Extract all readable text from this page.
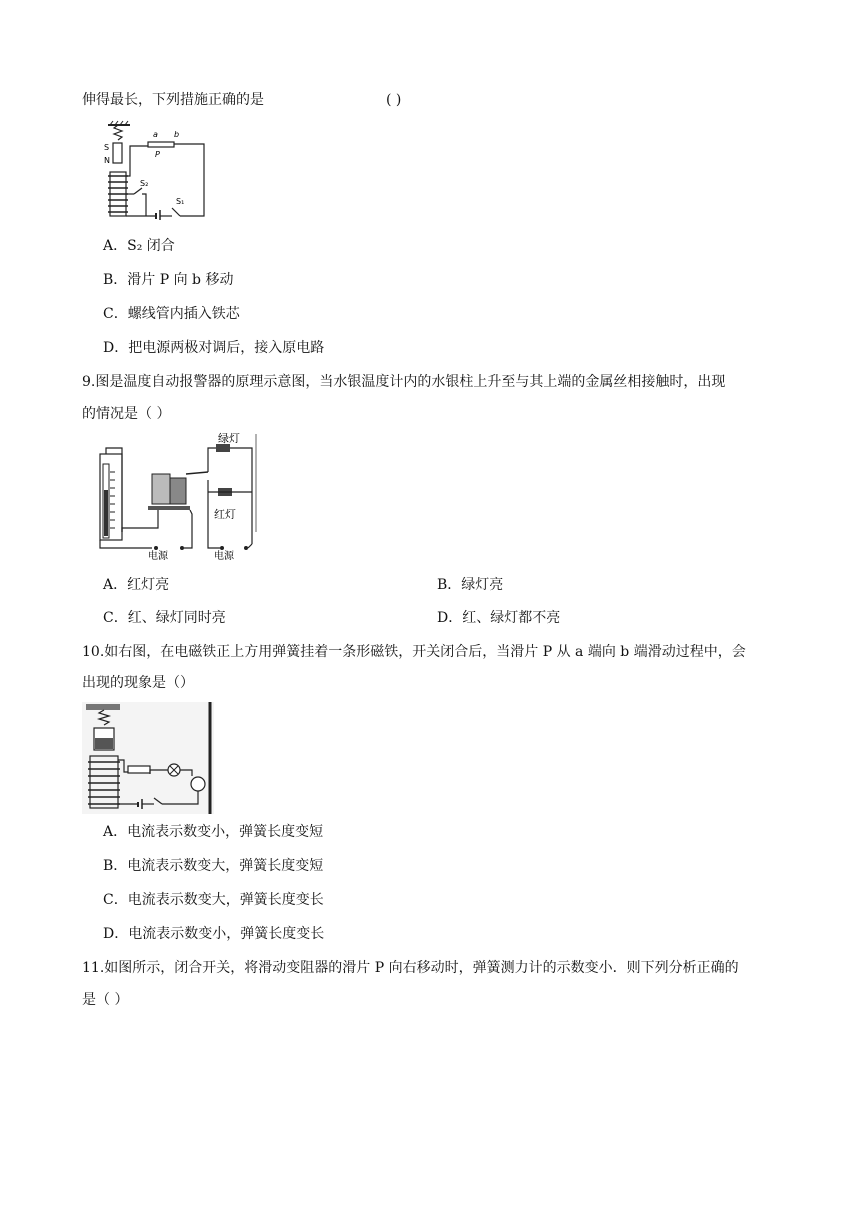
伸得最长，下列措施正确的是	( )
S
N
a b
P
S₁
S₂
A．S₂ 闭合
B．滑片 P 向 b 移动
C．螺线管内插入铁芯
D．把电源两极对调后，接入原电路
9.图是温度自动报警器的原理示意图，当水银温度计内的水银柱上升至与其上端的金属丝相接触时，出现
的情况是（ ）
电源
绿灯
红灯
电源
A．红灯亮	B．绿灯亮
C．红、绿灯同时亮	D．红、绿灯都不亮
10.如右图，在电磁铁正上方用弹簧挂着一条形磁铁，开关闭合后，当滑片 P 从 a 端向 b 端滑动过程中，会
出现的现象是（）
A．电流表示数变小，弹簧长度变短
B．电流表示数变大，弹簧长度变短
C．电流表示数变大，弹簧长度变长
D．电流表示数变小，弹簧长度变长
11.如图所示，闭合开关，将滑动变阻器的滑片 P 向右移动时，弹簧测力计的示数变小．则下列分析正确的
是（ ）
